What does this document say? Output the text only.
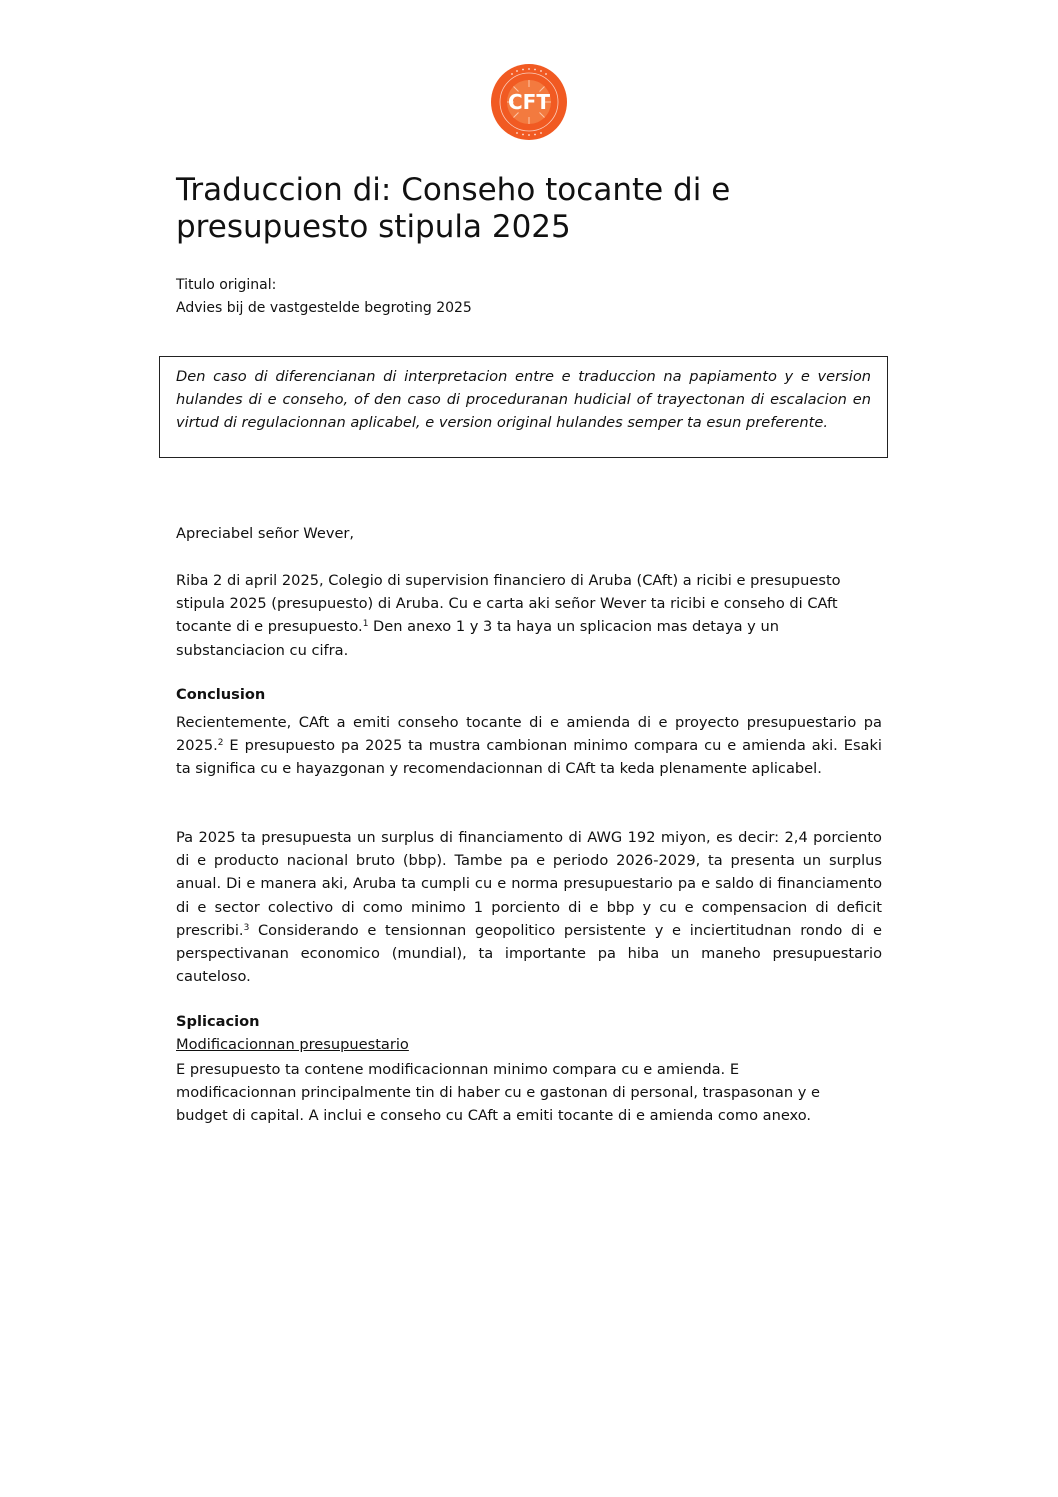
CFT
Traduccion di: Conseho tocante di e presupuesto stipula 2025
Titulo original:
Advies bij de vastgestelde begroting 2025
Den caso di diferencianan di interpretacion entre e traduccion na papiamento y e version hulandes di e conseho, of den caso di proceduranan hudicial of trayectonan di escalacion en virtud di regulacionnan aplicabel, e version original hulandes semper ta esun preferente.

Apreciabel señor Wever,

Riba 2 di april 2025, Colegio di supervision financiero di Aruba (CAft) a ricibi e presupuesto stipula 2025 (presupuesto) di Aruba. Cu e carta aki señor Wever ta ricibi e conseho di CAft tocante di e presupuesto.$^1$ Den anexo 1 y 3 ta haya un splicacion mas detaya y un substanciacion cu cifra.

Conclusion

Recientemente, CAft a emiti conseho tocante di e amienda di e proyecto presupuestario pa 2025.$^2$ E presupuesto pa 2025 ta mustra cambionan minimo compara cu e amienda aki. Esaki ta significa cu e hayazgonan y recomendacionnan di CAft ta keda plenamente aplicabel.

Pa 2025 ta presupuesta un surplus di financiamento di AWG 192 miyon, es decir: 2,4 porciento di e producto nacional bruto (bbp). Tambe pa e periodo 2026-2029, ta presenta un surplus anual. Di e manera aki, Aruba ta cumpli cu e norma presupuestario pa e saldo di financiamento di e sector colectivo di como minimo 1 porciento di e bbp y cu e compensacion di deficit prescribi.$^3$ Considerando e tensionnan geopolitico persistente y e inciertitudnan rondo di e perspectivanan economico (mundial), ta importante pa hiba un maneho presupuestario cauteloso.

Splicacion

Modificacionnan presupuestario

E presupuesto ta contene modificacionnan minimo compara cu e amienda. E
modificacionnan principalmente tin di haber cu e gastonan di personal, traspasonan y e
budget di capital. A inclui e conseho cu CAft a emiti tocante di e amienda como anexo.
